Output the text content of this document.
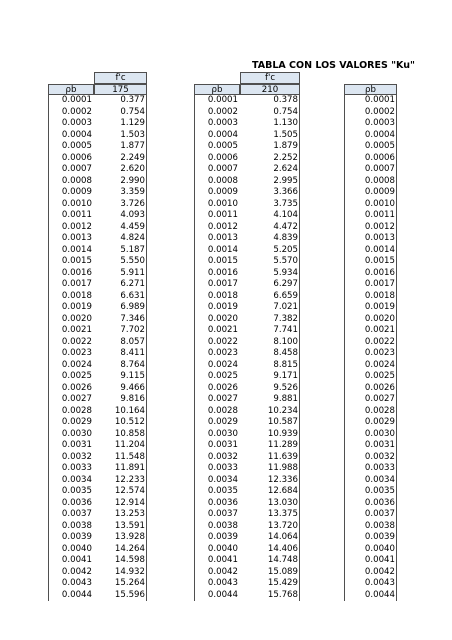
TABLA CON LOS VALORES "Ku"
f'c
ρb	175
0.0001	0.377
0.0002	0.754
0.0003	1.129
0.0004	1.503
0.0005	1.877
0.0006	2.249
0.0007	2.620
0.0008	2.990
0.0009	3.359
0.0010	3.726
0.0011	4.093
0.0012	4.459
0.0013	4.824
0.0014	5.187
0.0015	5.550
0.0016	5.911
0.0017	6.271
0.0018	6.631
0.0019	6.989
0.0020	7.346
0.0021	7.702
0.0022	8.057
0.0023	8.411
0.0024	8.764
0.0025	9.115
0.0026	9.466
0.0027	9.816
0.0028	10.164
0.0029	10.512
0.0030	10.858
0.0031	11.204
0.0032	11.548
0.0033	11.891
0.0034	12.233
0.0035	12.574
0.0036	12.914
0.0037	13.253
0.0038	13.591
0.0039	13.928
0.0040	14.264
0.0041	14.598
0.0042	14.932
0.0043	15.264
0.0044	15.596
f'c
ρb	210
0.0001	0.378
0.0002	0.754
0.0003	1.130
0.0004	1.505
0.0005	1.879
0.0006	2.252
0.0007	2.624
0.0008	2.995
0.0009	3.366
0.0010	3.735
0.0011	4.104
0.0012	4.472
0.0013	4.839
0.0014	5.205
0.0015	5.570
0.0016	5.934
0.0017	6.297
0.0018	6.659
0.0019	7.021
0.0020	7.382
0.0021	7.741
0.0022	8.100
0.0023	8.458
0.0024	8.815
0.0025	9.171
0.0026	9.526
0.0027	9.881
0.0028	10.234
0.0029	10.587
0.0030	10.939
0.0031	11.289
0.0032	11.639
0.0033	11.988
0.0034	12.336
0.0035	12.684
0.0036	13.030
0.0037	13.375
0.0038	13.720
0.0039	14.064
0.0040	14.406
0.0041	14.748
0.0042	15.089
0.0043	15.429
0.0044	15.768
ρb
0.0001
0.0002
0.0003
0.0004
0.0005
0.0006
0.0007
0.0008
0.0009
0.0010
0.0011
0.0012
0.0013
0.0014
0.0015
0.0016
0.0017
0.0018
0.0019
0.0020
0.0021
0.0022
0.0023
0.0024
0.0025
0.0026
0.0027
0.0028
0.0029
0.0030
0.0031
0.0032
0.0033
0.0034
0.0035
0.0036
0.0037
0.0038
0.0039
0.0040
0.0041
0.0042
0.0043
0.0044
